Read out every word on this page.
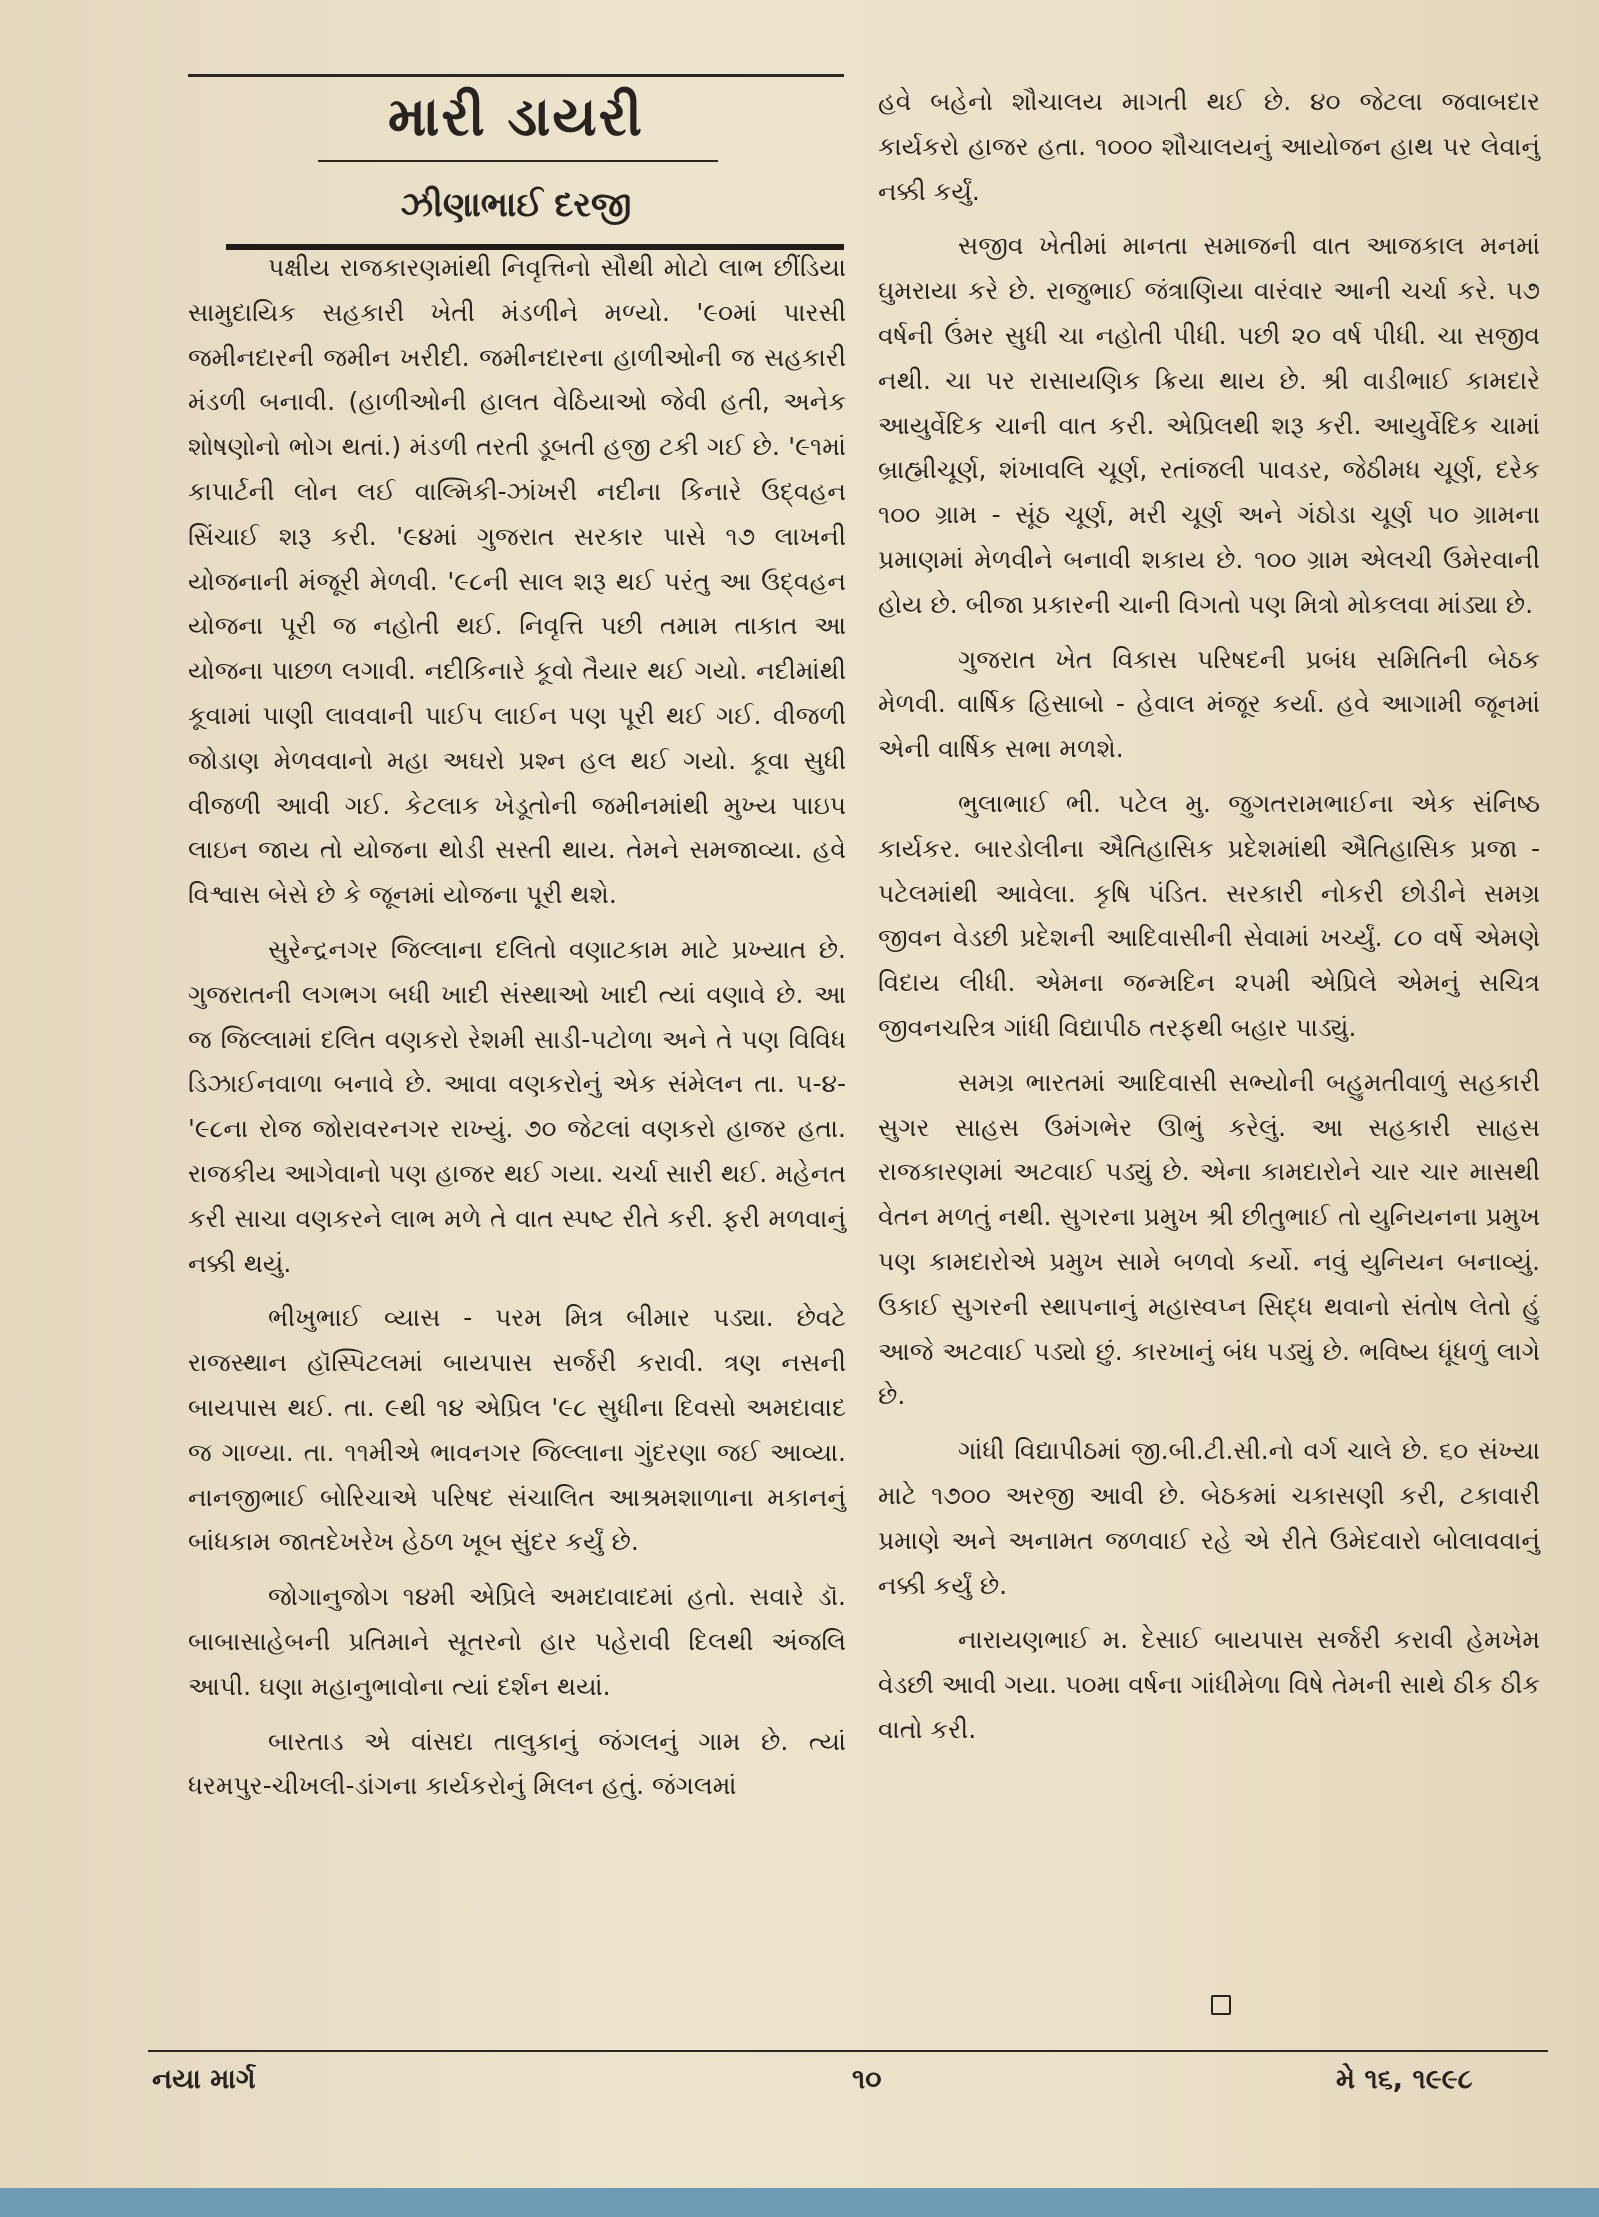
મારી ડાયરી
ઝીણાભાઈ દરજી

પક્ષીય રાજકારણમાંથી નિવૃત્તિનો સૌથી મોટો લાભ છીંડિયા સામુદાયિક સહકારી ખેતી મંડળીને મળ્યો. '૯૦માં પારસી જમીનદારની જમીન ખરીદી. જમીનદારના હાળીઓની જ સહકારી મંડળી બનાવી. (હાળીઓની હાલત વેઠિયાઓ જેવી હતી, અનેક શોષણોનો ભોગ થતાં.) મંડળી તરતી ડૂબતી હજી ટકી ગઈ છે. '૯૧માં કાપાર્ટની લોન લઈ વાલ્મિકી-ઝાંખરી નદીના કિનારે ઉદ્‌વહન સિંચાઈ શરૂ કરી. '૯૪માં ગુજરાત સરકાર પાસે ૧૭ લાખની યોજનાની મંજૂરી મેળવી. '૯૮ની સાલ શરૂ થઈ પરંતુ આ ઉદ્‌વહન યોજના પૂરી જ નહોતી થઈ. નિવૃત્તિ પછી તમામ તાકાત આ યોજના પાછળ લગાવી. નદીકિનારે કૂવો તૈયાર થઈ ગયો. નદીમાંથી કૂવામાં પાણી લાવવાની પાઈપ લાઈન પણ પૂરી થઈ ગઈ. વીજળી જોડાણ મેળવવાનો મહા અઘરો પ્રશ્ન હલ થઈ ગયો. કૂવા સુધી વીજળી આવી ગઈ. કેટલાક ખેડૂતોની જમીનમાંથી મુખ્ય પાઇપ લાઇન જાય તો યોજના થોડી સસ્તી થાય. તેમને સમજાવ્યા. હવે વિશ્વાસ બેસે છે કે જૂનમાં યોજના પૂરી થશે.

સુરેન્દ્રનગર જિલ્લાના દલિતો વણાટકામ માટે પ્રખ્યાત છે. ગુજરાતની લગભગ બધી ખાદી સંસ્થાઓ ખાદી ત્યાં વણાવે છે. આ જ જિલ્લામાં દલિત વણકરો રેશમી સાડી-પટોળા અને તે પણ વિવિધ ડિઝાઈનવાળા બનાવે છે. આવા વણકરોનું એક સંમેલન તા. ૫-૪-'૯૮ના રોજ જોરાવરનગર રાખ્યું. ૭૦ જેટલાં વણકરો હાજર હતા. રાજકીય આગેવાનો પણ હાજર થઈ ગયા. ચર્ચા સારી થઈ. મહેનત કરી સાચા વણકરને લાભ મળે તે વાત સ્પષ્ટ રીતે કરી. ફરી મળવાનું નક્કી થયું.

ભીખુભાઈ વ્યાસ - પરમ મિત્ર બીમાર પડ્યા. છેવટે રાજસ્થાન હૉસ્પિટલમાં બાયપાસ સર્જરી કરાવી. ત્રણ નસની બાયપાસ થઈ. તા. ૯થી ૧૪ એપ્રિલ '૯૮ સુધીના દિવસો અમદાવાદ જ ગાળ્યા. તા. ૧૧મીએ ભાવનગર જિલ્લાના ગુંદરણા જઈ આવ્યા. નાનજીભાઈ બોરિચાએ પરિષદ સંચાલિત આશ્રમશાળાના મકાનનું બાંધકામ જાતદેખરેખ હેઠળ ખૂબ સુંદર કર્યું છે.

જોગાનુજોગ ૧૪મી એપ્રિલે અમદાવાદમાં હતો. સવારે ડૉ. બાબાસાહેબની પ્રતિમાને સૂતરનો હાર પહેરાવી દિલથી અંજલિ આપી. ઘણા મહાનુભાવોના ત્યાં દર્શન થયાં.

બારતાડ એ વાંસદા તાલુકાનું જંગલનું ગામ છે. ત્યાં ધરમપુર-ચીખલી-ડાંગના કાર્યકરોનું મિલન હતું. જંગલમાં

હવે બહેનો શૌચાલય માગતી થઈ છે. ૪૦ જેટલા જવાબદાર કાર્યકરો હાજર હતા. ૧૦૦૦ શૌચાલયનું આયોજન હાથ પર લેવાનું નક્કી કર્યું.

સજીવ ખેતીમાં માનતા સમાજની વાત આજકાલ મનમાં ઘુમરાયા કરે છે. રાજુભાઈ જંત્રાણિયા વારંવાર આની ચર્ચા કરે. ૫૭ વર્ષની ઉંમર સુધી ચા નહોતી પીધી. પછી ૨૦ વર્ષ પીધી. ચા સજીવ નથી. ચા પર રાસાયણિક ક્રિયા થાય છે. શ્રી વાડીભાઈ કામદારે આયુર્વેદિક ચાની વાત કરી. એપ્રિલથી શરૂ કરી. આયુર્વેદિક ચામાં બ્રાહ્મીચૂર્ણ, શંખાવલિ ચૂર્ણ, રતાંજલી પાવડર, જેઠીમધ ચૂર્ણ, દરેક ૧૦૦ ગ્રામ - સૂંઠ ચૂર્ણ, મરી ચૂર્ણ અને ગંઠોડા ચૂર્ણ ૫૦ ગ્રામના પ્રમાણમાં મેળવીને બનાવી શકાય છે. ૧૦૦ ગ્રામ એલચી ઉમેરવાની હોય છે. બીજા પ્રકારની ચાની વિગતો પણ મિત્રો મોકલવા માંડ્યા છે.

ગુજરાત ખેત વિકાસ પરિષદની પ્રબંધ સમિતિની બેઠક મેળવી. વાર્ષિક હિસાબો - હેવાલ મંજૂર કર્યા. હવે આગામી જૂનમાં એની વાર્ષિક સભા મળશે.

ભુલાભાઈ ભી. પટેલ મુ. જુગતરામભાઈના એક સંનિષ્ઠ કાર્યકર. બારડોલીના ઐતિહાસિક પ્રદેશમાંથી ઐતિહાસિક પ્રજા - પટેલમાંથી આવેલા. કૃષિ પંડિત. સરકારી નોકરી છોડીને સમગ્ર જીવન વેડછી પ્રદેશની આદિવાસીની સેવામાં ખર્ચ્યું. ૮૦ વર્ષે એમણે વિદાય લીધી. એમના જન્મદિન ૨૫મી એપ્રિલે એમનું સચિત્ર જીવનચરિત્ર ગાંધી વિદ્યાપીઠ તરફથી બહાર પાડ્યું.

સમગ્ર ભારતમાં આદિવાસી સભ્યોની બહુમતીવાળું સહકારી સુગર સાહસ ઉમંગભેર ઊભું કરેલું. આ સહકારી સાહસ રાજકારણમાં અટવાઈ પડ્યું છે. એના કામદારોને ચાર ચાર માસથી વેતન મળતું નથી. સુગરના પ્રમુખ શ્રી છીતુભાઈ તો યુનિયનના પ્રમુખ પણ કામદારોએ પ્રમુખ સામે બળવો કર્યો. નવું યુનિયન બનાવ્યું. ઉકાઈ સુગરની સ્થાપનાનું મહાસ્વપ્ન સિદ્ધ થવાનો સંતોષ લેતો હું આજે અટવાઈ પડ્યો છું. કારખાનું બંધ પડ્યું છે. ભવિષ્ય ધૂંધળું લાગે છે.

ગાંધી વિદ્યાપીઠમાં જી.બી.ટી.સી.નો વર્ગ ચાલે છે. ૬૦ સંખ્યા માટે ૧૭૦૦ અરજી આવી છે. બેઠકમાં ચકાસણી કરી, ટકાવારી પ્રમાણે અને અનામત જળવાઈ રહે એ રીતે ઉમેદવારો બોલાવવાનું નક્કી કર્યું છે.

નારાયણભાઈ મ. દેસાઈ બાયપાસ સર્જરી કરાવી હેમખેમ વેડછી આવી ગયા. ૫૦મા વર્ષના ગાંધીમેળા વિષે તેમની સાથે ઠીક ઠીક વાતો કરી.

નયા માર્ગ	૧૦	મે ૧૬, ૧૯૯૮
